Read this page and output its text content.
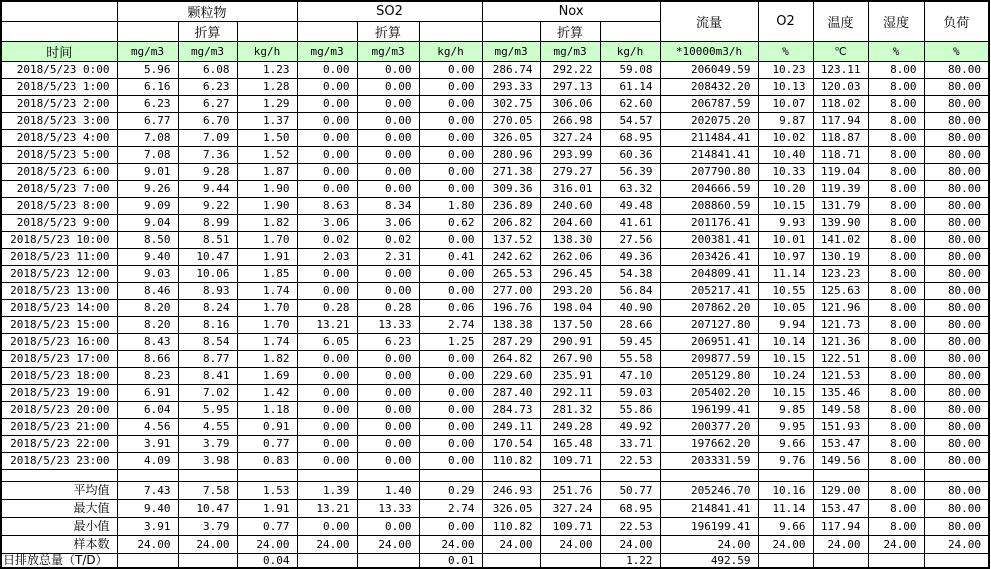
	颗粒物			SO2			Nox			流量	O2	温度	湿度	负荷
		折算			折算			折算						
时间	mg/m3	mg/m3	kg/h	mg/m3	mg/m3	kg/h	mg/m3	mg/m3	kg/h	*10000m3/h	%	℃	%	%
2018/5/23 0:00	5.96	6.08	1.23	0.00	0.00	0.00	286.74	292.22	59.08	206049.59	10.23	123.11	8.00	80.00
2018/5/23 1:00	6.16	6.23	1.28	0.00	0.00	0.00	293.33	297.13	61.14	208432.20	10.13	120.03	8.00	80.00
2018/5/23 2:00	6.23	6.27	1.29	0.00	0.00	0.00	302.75	306.06	62.60	206787.59	10.07	118.02	8.00	80.00
2018/5/23 3:00	6.77	6.70	1.37	0.00	0.00	0.00	270.05	266.98	54.57	202075.20	9.87	117.94	8.00	80.00
2018/5/23 4:00	7.08	7.09	1.50	0.00	0.00	0.00	326.05	327.24	68.95	211484.41	10.02	118.87	8.00	80.00
2018/5/23 5:00	7.08	7.36	1.52	0.00	0.00	0.00	280.96	293.99	60.36	214841.41	10.40	118.71	8.00	80.00
2018/5/23 6:00	9.01	9.28	1.87	0.00	0.00	0.00	271.38	279.27	56.39	207790.80	10.33	119.04	8.00	80.00
2018/5/23 7:00	9.26	9.44	1.90	0.00	0.00	0.00	309.36	316.01	63.32	204666.59	10.20	119.39	8.00	80.00
2018/5/23 8:00	9.09	9.22	1.90	8.63	8.34	1.80	236.89	240.60	49.48	208860.59	10.15	131.79	8.00	80.00
2018/5/23 9:00	9.04	8.99	1.82	3.06	3.06	0.62	206.82	204.60	41.61	201176.41	9.93	139.90	8.00	80.00
2018/5/23 10:00	8.50	8.51	1.70	0.02	0.02	0.00	137.52	138.30	27.56	200381.41	10.01	141.02	8.00	80.00
2018/5/23 11:00	9.40	10.47	1.91	2.03	2.31	0.41	242.62	262.06	49.36	203426.41	10.97	130.19	8.00	80.00
2018/5/23 12:00	9.03	10.06	1.85	0.00	0.00	0.00	265.53	296.45	54.38	204809.41	11.14	123.23	8.00	80.00
2018/5/23 13:00	8.46	8.93	1.74	0.00	0.00	0.00	277.00	293.20	56.84	205217.41	10.55	125.63	8.00	80.00
2018/5/23 14:00	8.20	8.24	1.70	0.28	0.28	0.06	196.76	198.04	40.90	207862.20	10.05	121.96	8.00	80.00
2018/5/23 15:00	8.20	8.16	1.70	13.21	13.33	2.74	138.38	137.50	28.66	207127.80	9.94	121.73	8.00	80.00
2018/5/23 16:00	8.43	8.54	1.74	6.05	6.23	1.25	287.29	290.91	59.45	206951.41	10.14	121.36	8.00	80.00
2018/5/23 17:00	8.66	8.77	1.82	0.00	0.00	0.00	264.82	267.90	55.58	209877.59	10.15	122.51	8.00	80.00
2018/5/23 18:00	8.23	8.41	1.69	0.00	0.00	0.00	229.60	235.91	47.10	205129.80	10.24	121.53	8.00	80.00
2018/5/23 19:00	6.91	7.02	1.42	0.00	0.00	0.00	287.40	292.11	59.03	205402.20	10.15	135.46	8.00	80.00
2018/5/23 20:00	6.04	5.95	1.18	0.00	0.00	0.00	284.73	281.32	55.86	196199.41	9.85	149.58	8.00	80.00
2018/5/23 21:00	4.56	4.55	0.91	0.00	0.00	0.00	249.11	249.28	49.92	200377.20	9.95	151.93	8.00	80.00
2018/5/23 22:00	3.91	3.79	0.77	0.00	0.00	0.00	170.54	165.48	33.71	197662.20	9.66	153.47	8.00	80.00
2018/5/23 23:00	4.09	3.98	0.83	0.00	0.00	0.00	110.82	109.71	22.53	203331.59	9.76	149.56	8.00	80.00

平均值	7.43	7.58	1.53	1.39	1.40	0.29	246.93	251.76	50.77	205246.70	10.16	129.00	8.00	80.00
最大值	9.40	10.47	1.91	13.21	13.33	2.74	326.05	327.24	68.95	214841.41	11.14	153.47	8.00	80.00
最小值	3.91	3.79	0.77	0.00	0.00	0.00	110.82	109.71	22.53	196199.41	9.66	117.94	8.00	80.00
样本数	24.00	24.00	24.00	24.00	24.00	24.00	24.00	24.00	24.00	24.00	24.00	24.00	24.00	24.00
日排放总量（T/D）			0.04			0.01			1.22	492.59				
